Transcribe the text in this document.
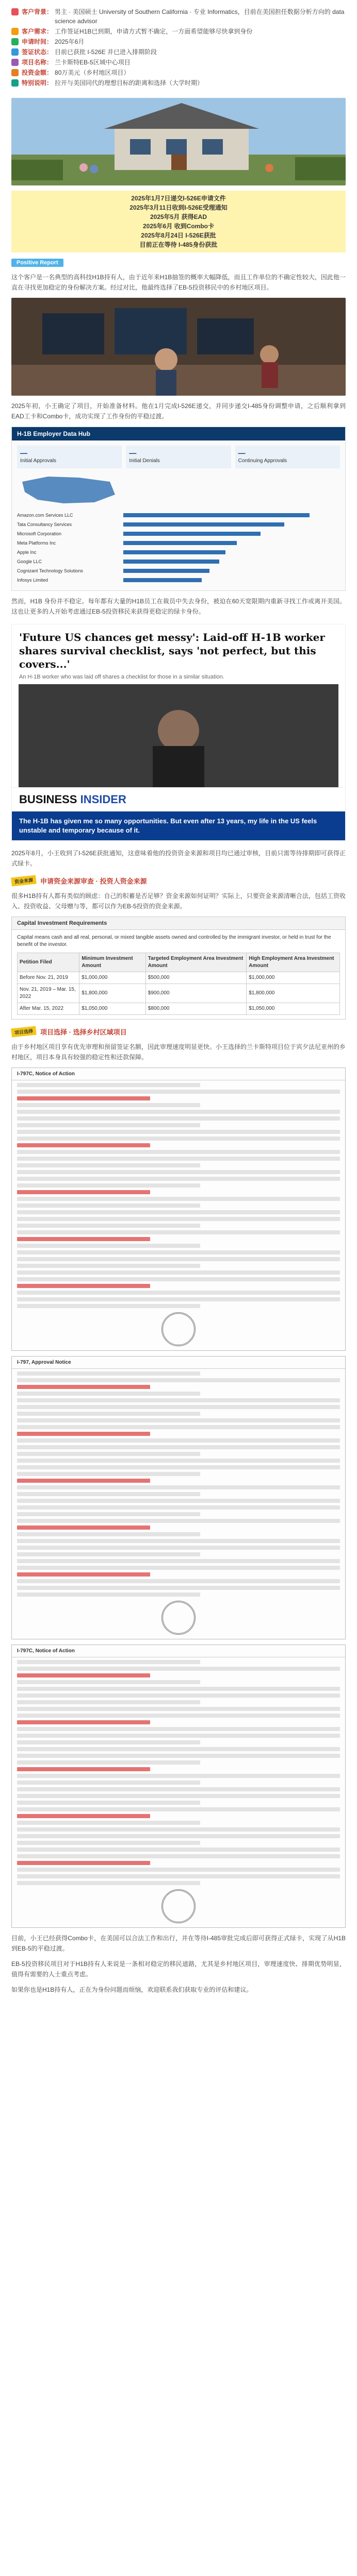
客户背景： 男主 · 美国硕士 University of Southern California · 专业 Informatics，目前在美国担任数据分析方向的 data science advisor
客户需求： 工作签证H1B已到期，申请方式暂不确定，一方面希望能够尽快拿到身份
申请时间： 2025年6月
签证状态： 目前已获批 I-526E 并已进入排期阶段
项目名称： 兰卡斯特EB-5区域中心项目
投资金额： 80万美元（乡村地区项目）
特别说明： 拉开与美国同代的理想目标的距离和选择（大学时期）
2025年1月7日递交I-526E申请文件
2025年3月11日收到I-526E受理通知
2025年5月 获得EAD
2025年6月 收到Combo卡
2025年8月24日 I-526E获批
目前正在等待 I-485身份获批
Positive Report

这个客户是一名典型的高科技H1B持有人，由于近年来H1B抽签的概率大幅降低，而且工作单位的不确定性较大，因此他一直在寻找更加稳定的身份解决方案。经过对比，他最终选择了EB-5投资移民中的乡村地区项目。

2025年初，小王确定了项目，开始准备材料。他在1月完成I-526E递交，并同步递交I-485身份调整申请，之后顺利拿到EAD工卡和Combo卡，成功实现了工作身份的平稳过渡。

H-1B Employer Data Hub
—
Initial Approvals
—
Initial Denials
—
Continuing Approvals
Amazon.com Services LLC
Tata Consultancy Services
Microsoft Corporation
Meta Platforms Inc
Apple Inc
Google LLC
Cognizant Technology Solutions
Infosys Limited

然而，H1B 身份并不稳定。每年都有大量的H1B员工在裁员中失去身份，被迫在60天宽限期内重新寻找工作或离开美国。这也让更多的人开始考虑通过EB-5投资移民来获得更稳定的绿卡身份。

'Future US chances get messy': Laid-off H-1B worker shares survival checklist, says 'not perfect, but this covers...'
An H-1B worker who was laid off shares a checklist for those in a similar situation.
BUSINESS INSIDER
The H-1B has given me so many opportunities. But even after 13 years, my life in the US feels unstable and temporary because of it.

2025年8月，小王收到了I-526E获批通知，这意味着他的投资资金来源和项目均已通过审核，目前只需等待排期即可获得正式绿卡。

资金来源	申请资金来源审查 · 投资人资金来源

很多H1B持有人都有类似的顾虑：自己的积蓄是否足够？资金来源如何证明？实际上，只要资金来源清晰合法，包括工资收入、投资收益、父母赠与等，都可以作为EB-5投资的资金来源。

Capital Investment Requirements
Capital means cash and all real, personal, or mixed tangible assets owned and controlled by the immigrant investor, or held in trust for the benefit of the investor.
Petition Filed	Minimum Investment Amount	Targeted Employment Area Investment Amount	High Employment Area Investment Amount
Before Nov. 21, 2019	$1,000,000	$500,000	$1,000,000
Nov. 21, 2019 – Mar. 15, 2022	$1,800,000	$900,000	$1,800,000
After Mar. 15, 2022	$1,050,000	$800,000	$1,050,000
项目选择	项目选择 · 选择乡村区域项目

由于乡村地区项目享有优先审理和预留签证名额，因此审理速度明显更快。小王选择的兰卡斯特项目位于宾夕法尼亚州的乡村地区，项目本身具有较强的稳定性和还款保障。

I-797C, Notice of Action
I-797, Approval Notice
I-797C, Notice of Action

目前，小王已经获得Combo卡，在美国可以合法工作和出行，并在等待I-485审批完成后即可获得正式绿卡，实现了从H1B到EB-5的平稳过渡。

EB-5投资移民项目对于H1B持有人来说是一条相对稳定的移民道路，尤其是乡村地区项目，审理速度快、排期优势明显，值得有需要的人士重点考虑。

如果你也是H1B持有人，正在为身份问题而烦恼，欢迎联系我们获取专业的评估和建议。
